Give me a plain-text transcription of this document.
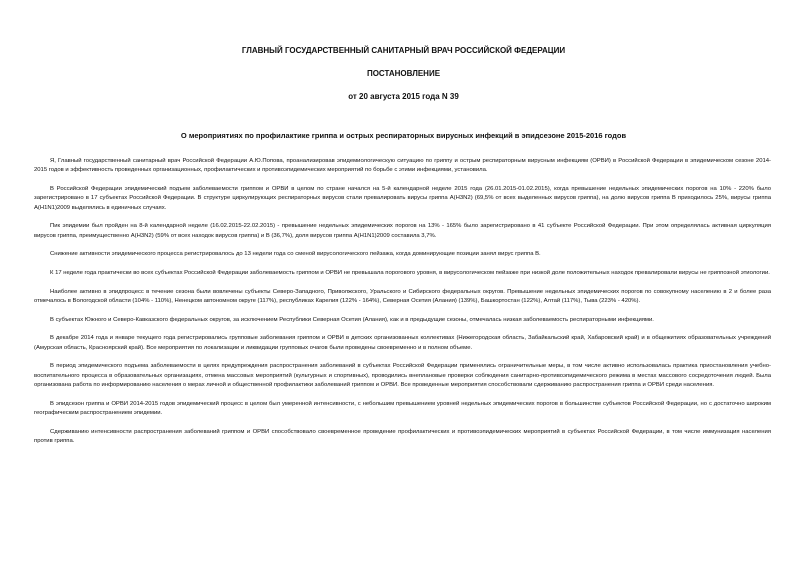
ГЛАВНЫЙ ГОСУДАРСТВЕННЫЙ САНИТАРНЫЙ ВРАЧ РОССИЙСКОЙ ФЕДЕРАЦИИ
ПОСТАНОВЛЕНИЕ
от 20 августа 2015 года N 39
О мероприятиях по профилактике гриппа и острых респираторных вирусных инфекций в эпидсезоне 2015-2016 годов

Я, Главный государственный санитарный врач Российской Федерации А.Ю.Попова, проанализировав эпидемиологическую ситуацию по гриппу и острым респираторным вирусным инфекциям (ОРВИ) в Российской Федерации в эпидемическом сезоне 2014-2015 годов и эффективность проведенных организационных, профилактических и противоэпидемических мероприятий по борьбе с этими инфекциями, установила.

В Российской Федерации эпидемический подъем заболеваемости гриппом и ОРВИ в целом по стране начался на 5-й календарной неделе 2015 года (26.01.2015-01.02.2015), когда превышение недельных эпидемических порогов на 10% - 220% было зарегистрировано в 17 субъектах Российской Федерации. В структуре циркулирующих респираторных вирусов стали превалировать вирусы гриппа А(H3N2) (69,5% от всех выделенных вирусов гриппа), на долю вирусов гриппа В приходилось 25%, вирусы гриппа A(H1N1)2009 выделялись в единичных случаях.

Пик эпидемии был пройден на 8-й календарной неделе (16.02.2015-22.02.2015) - превышение недельных эпидемических порогов на 13% - 165% было зарегистрировано в 41 субъекте Российской Федерации. При этом определялась активная циркуляция вирусов гриппа, преимущественно А(H3N2) (59% от всех находок вирусов гриппа) и В (36,7%), доля вирусов гриппа A(H1N1)2009 составила 3,7%.

Снижение активности эпидемического процесса регистрировалось до 13 недели года со сменой вирусологического пейзажа, когда доминирующие позиции занял вирус гриппа В.

К 17 неделе года практически во всех субъектах Российской Федерации заболеваемость гриппом и ОРВИ не превышала порогового уровня, в вирусологическом пейзаже при низкой доле положительных находок превалировали вирусы не гриппозной этиологии.

Наиболее активно в эпидпроцесс в течение сезона были вовлечены субъекты Северо-Западного, Приволжского, Уральского и Сибирского федеральных округов. Превышение недельных эпидемических порогов по совокупному населению в 2 и более раза отмечалось в Вологодской области (104% - 110%), Ненецком автономном округе (117%), республиках Карелия (122% - 164%), Северная Осетия (Алания) (139%), Башкортостан (122%), Алтай (117%), Тыва (223% - 420%).

В субъектах Южного и Северо-Кавказского федеральных округов, за исключением Республики Северная Осетия (Алания), как и в предыдущие сезоны, отмечалась низкая заболеваемость респираторными инфекциями.

В декабре 2014 года и январе текущего года регистрировались групповые заболевания гриппом и ОРВИ в детских организованных коллективах (Нижегородская область, Забайкальский край, Хабаровский край) и в общежитиях образовательных учреждений (Амурская область, Красноярский край). Все мероприятия по локализации и ликвидации групповых очагов были проведены своевременно и в полном объеме.

В период эпидемического подъема заболеваемости в целях предупреждения распространения заболеваний в субъектах Российской Федерации применялись ограничительные меры, в том числе активно использовалась практика приостановления учебно-воспитательного процесса в образовательных организациях, отмена массовых мероприятий (культурных и спортивных), проводились внеплановые проверки соблюдения санитарно-противоэпидемического режима в местах массового сосредоточения людей. Была организована работа по информированию населения о мерах личной и общественной профилактики заболеваний гриппом и ОРВИ. Все проведенные мероприятия способствовали сдерживанию распространения гриппа и ОРВИ среди населения.

В эпидсезон гриппа и ОРВИ 2014-2015 годов эпидемический процесс в целом был умеренной интенсивности, с небольшим превышением уровней недельных эпидемических порогов в большинстве субъектов Российской Федерации, но с достаточно широким географическим распространением эпидемии.

Сдерживанию интенсивности распространения заболеваний гриппом и ОРВИ способствовало своевременное проведение профилактических и противоэпидемических мероприятий в субъектах Российской Федерации, в том числе иммунизация населения против гриппа.
